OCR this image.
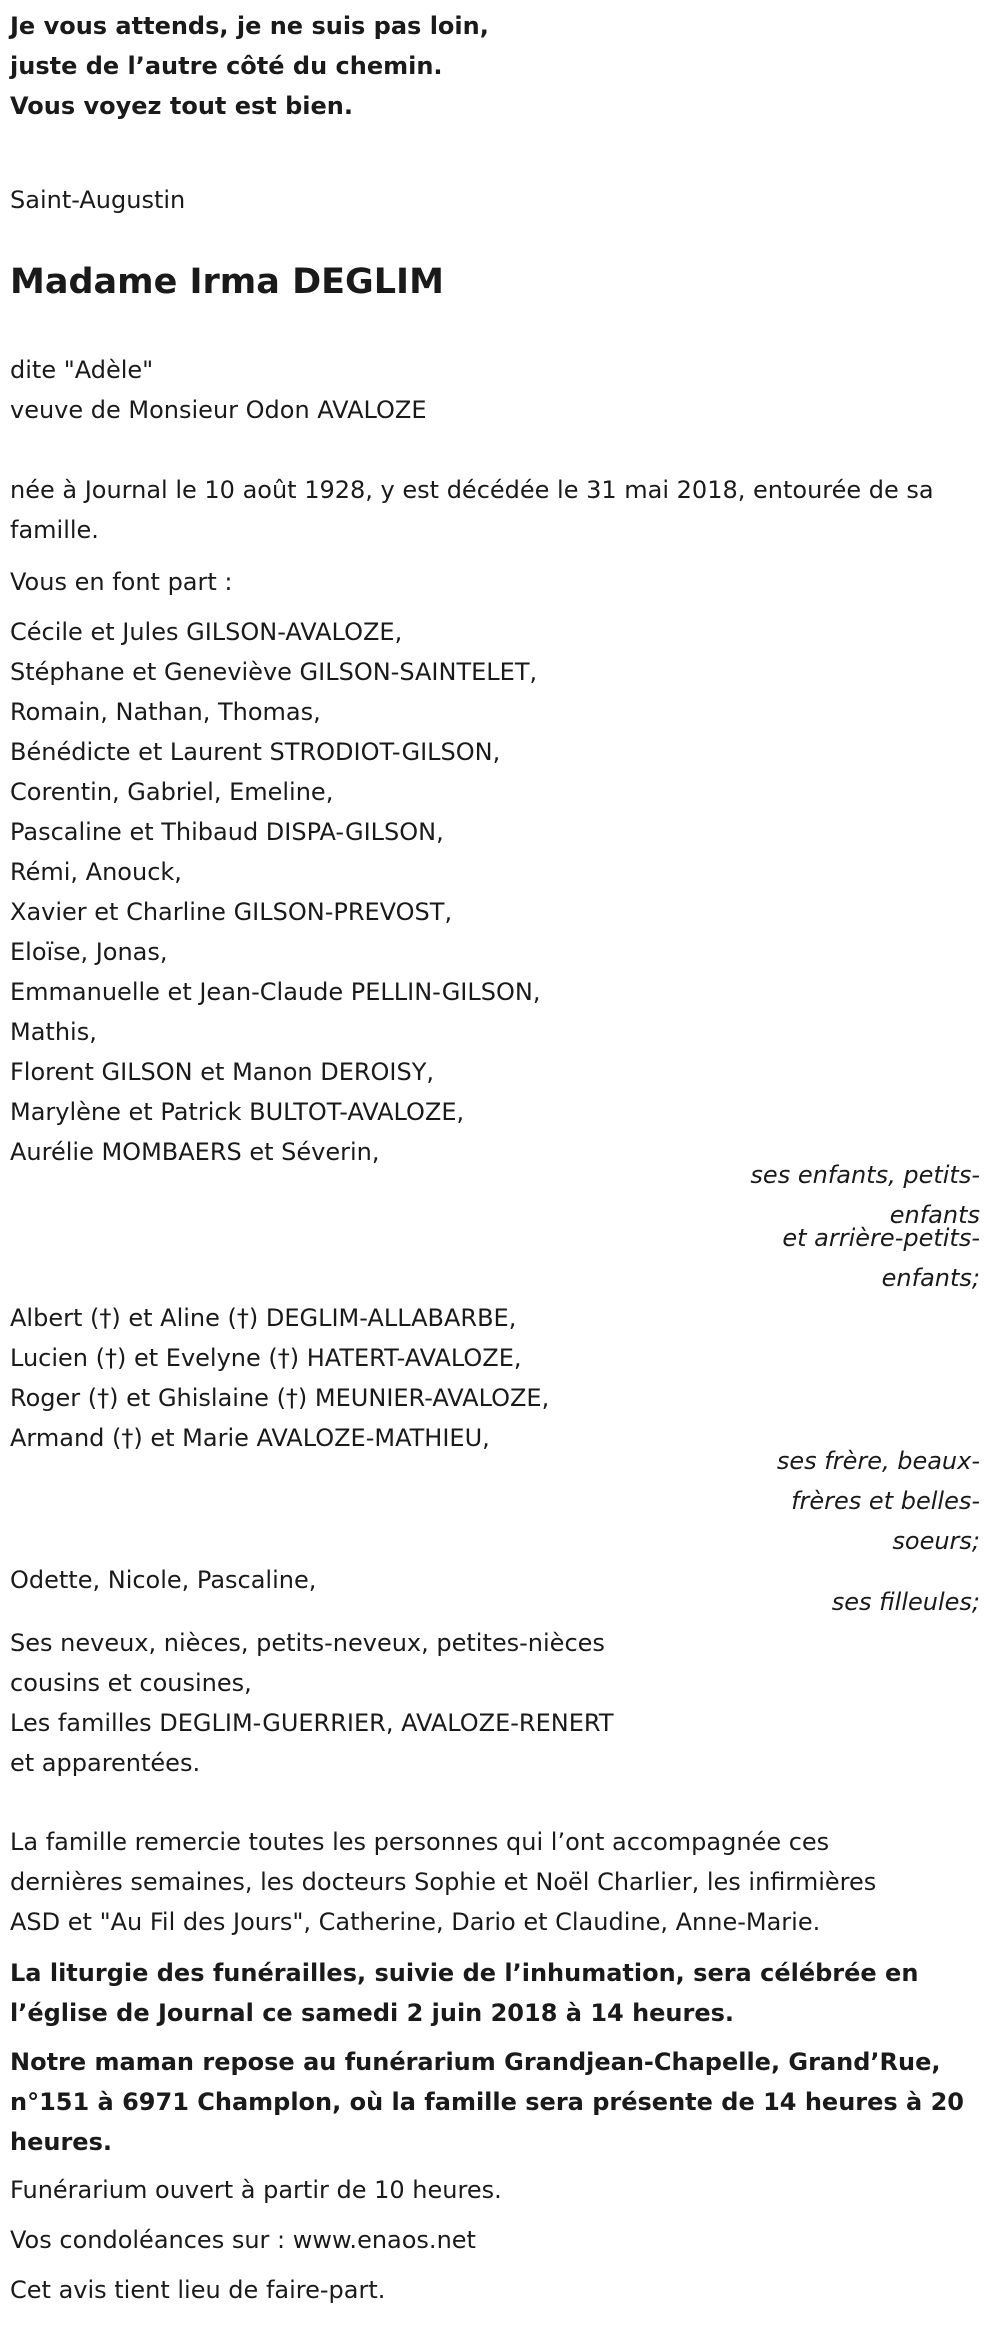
Je vous attends, je ne suis pas loin,
juste de l’autre côté du chemin.
Vous voyez tout est bien.
Saint-Augustin
Madame Irma DEGLIM
dite "Adèle"
veuve de Monsieur Odon AVALOZE
née à Journal le 10 août 1928, y est décédée le 31 mai 2018, entourée de sa famille.
Vous en font part :
Cécile et Jules GILSON-AVALOZE,
Stéphane et Geneviève GILSON-SAINTELET,
Romain, Nathan, Thomas,
Bénédicte et Laurent STRODIOT-GILSON,
Corentin, Gabriel, Emeline,
Pascaline et Thibaud DISPA-GILSON,
Rémi, Anouck,
Xavier et Charline GILSON-PREVOST,
Eloïse, Jonas,
Emmanuelle et Jean-Claude PELLIN-GILSON,
Mathis,
Florent GILSON et Manon DEROISY,
Marylène et Patrick BULTOT-AVALOZE,
Aurélie MOMBAERS et Séverin,
ses enfants, petits-
enfants
et arrière-petits-
enfants;
Albert (†) et Aline (†) DEGLIM-ALLABARBE,
Lucien (†) et Evelyne (†) HATERT-AVALOZE,
Roger (†) et Ghislaine (†) MEUNIER-AVALOZE,
Armand (†) et Marie AVALOZE-MATHIEU,
ses frère, beaux-
frères et belles-
soeurs;
Odette, Nicole, Pascaline,
ses filleules;
Ses neveux, nièces, petits-neveux, petites-nièces
cousins et cousines,
Les familles DEGLIM-GUERRIER, AVALOZE-RENERT
et apparentées.
La famille remercie toutes les personnes qui l’ont accompagnée ces
dernières semaines, les docteurs Sophie et Noël Charlier, les infirmières
ASD et "Au Fil des Jours", Catherine, Dario et Claudine, Anne-Marie.
La liturgie des funérailles, suivie de l’inhumation, sera célébrée en
l’église de Journal ce samedi 2 juin 2018 à 14 heures.
Notre maman repose au funérarium Grandjean-Chapelle, Grand’Rue,
n°151 à 6971 Champlon, où la famille sera présente de 14 heures à 20
heures.
Funérarium ouvert à partir de 10 heures.
Vos condoléances sur : www.enaos.net
Cet avis tient lieu de faire-part.
